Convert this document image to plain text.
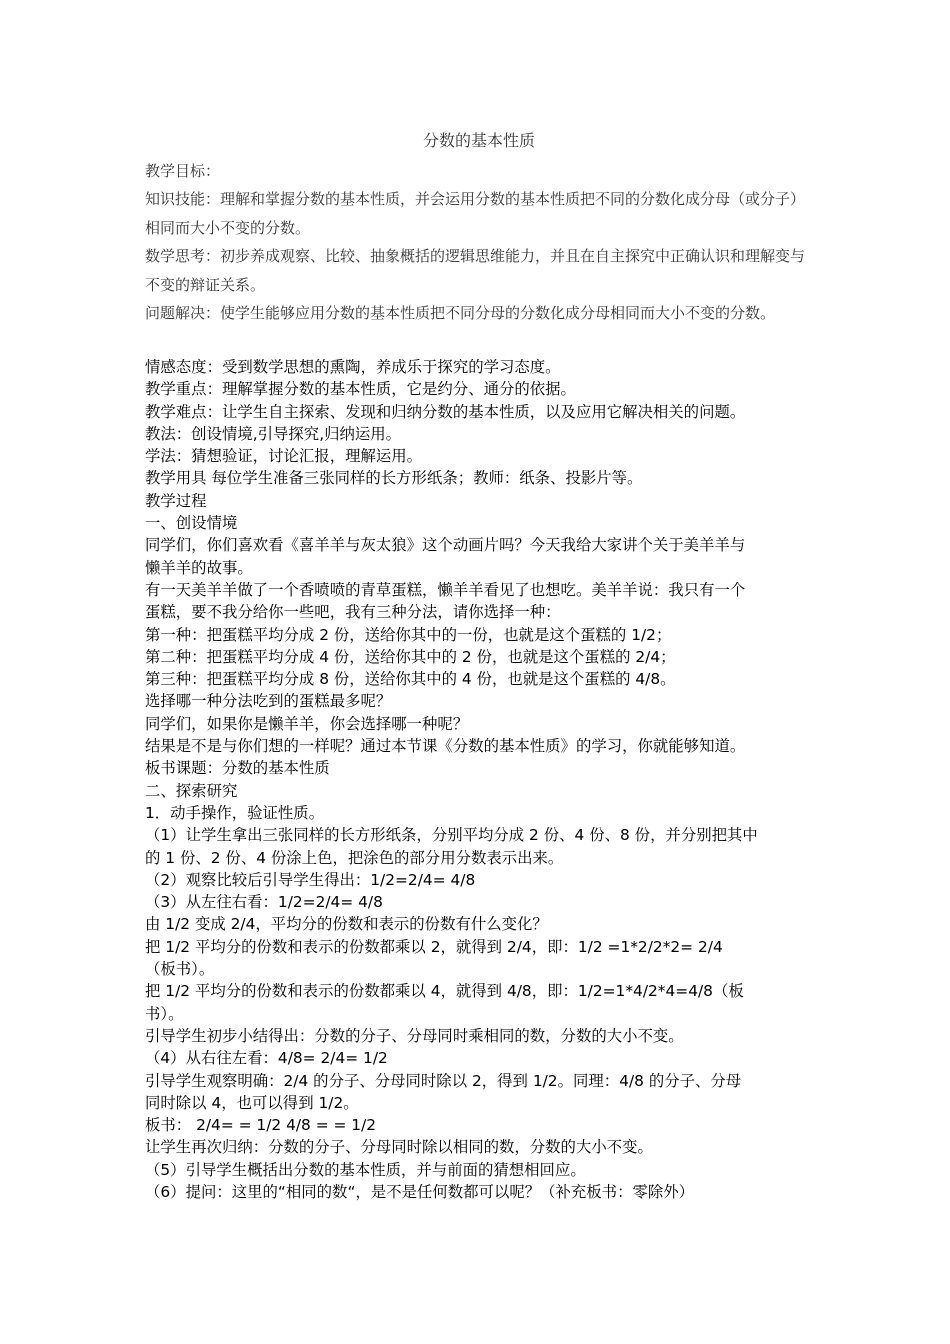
分数的基本性质

教学目标：

知识技能：理解和掌握分数的基本性质，并会运用分数的基本性质把不同的分数化成分母（或分子）相同而大小不变的分数。

数学思考：初步养成观察、比较、抽象概括的逻辑思维能力，并且在自主探究中正确认识和理解变与不变的辩证关系。

问题解决：使学生能够应用分数的基本性质把不同分母的分数化成分母相同而大小不变的分数。

情感态度：受到数学思想的熏陶，养成乐于探究的学习态度。

教学重点：理解掌握分数的基本性质，它是约分、通分的依据。

教学难点：让学生自主探索、发现和归纳分数的基本性质，以及应用它解决相关的问题。

教法：创设情境,引导探究,归纳运用。

学法：猜想验证，讨论汇报，理解运用。

教学用具 每位学生准备三张同样的长方形纸条；教师：纸条、投影片等。

教学过程

一、创设情境

同学们，你们喜欢看《喜羊羊与灰太狼》这个动画片吗？今天我给大家讲个关于美羊羊与

懒羊羊的故事。

有一天美羊羊做了一个香喷喷的青草蛋糕，懒羊羊看见了也想吃。美羊羊说：我只有一个

蛋糕，要不我分给你一些吧，我有三种分法，请你选择一种：

第一种：把蛋糕平均分成 2 份，送给你其中的一份，也就是这个蛋糕的 1/2；

第二种：把蛋糕平均分成 4 份，送给你其中的 2 份，也就是这个蛋糕的 2/4；

第三种：把蛋糕平均分成 8 份，送给你其中的 4 份，也就是这个蛋糕的 4/8。

选择哪一种分法吃到的蛋糕最多呢？

同学们，如果你是懒羊羊，你会选择哪一种呢？

结果是不是与你们想的一样呢？通过本节课《分数的基本性质》的学习，你就能够知道。

板书课题：分数的基本性质

二、探索研究

1．动手操作，验证性质。

（1）让学生拿出三张同样的长方形纸条，分别平均分成 2 份、4 份、8 份，并分别把其中

的 1 份、2 份、4 份涂上色，把涂色的部分用分数表示出来。

（2）观察比较后引导学生得出：1/2=2/4= 4/8

（3）从左往右看：1/2=2/4= 4/8

由 1/2 变成 2/4，平均分的份数和表示的份数有什么变化？

把 1/2 平均分的份数和表示的份数都乘以 2，就得到 2/4，即：1/2 =1*2/2*2= 2/4

（板书）。

把 1/2 平均分的份数和表示的份数都乘以 4，就得到 4/8，即：1/2=1*4/2*4=4/8（板

书）。

引导学生初步小结得出：分数的分子、分母同时乘相同的数，分数的大小不变。

（4）从右往左看：4/8= 2/4= 1/2

引导学生观察明确：2/4 的分子、分母同时除以 2，得到 1/2。同理：4/8 的分子、分母

同时除以 4，也可以得到 1/2。

板书： 2/4= = 1/2 4/8 = = 1/2

让学生再次归纳：分数的分子、分母同时除以相同的数，分数的大小不变。

（5）引导学生概括出分数的基本性质，并与前面的猜想相回应。

（6）提问：这里的“相同的数“，是不是任何数都可以呢？（补充板书：零除外）
